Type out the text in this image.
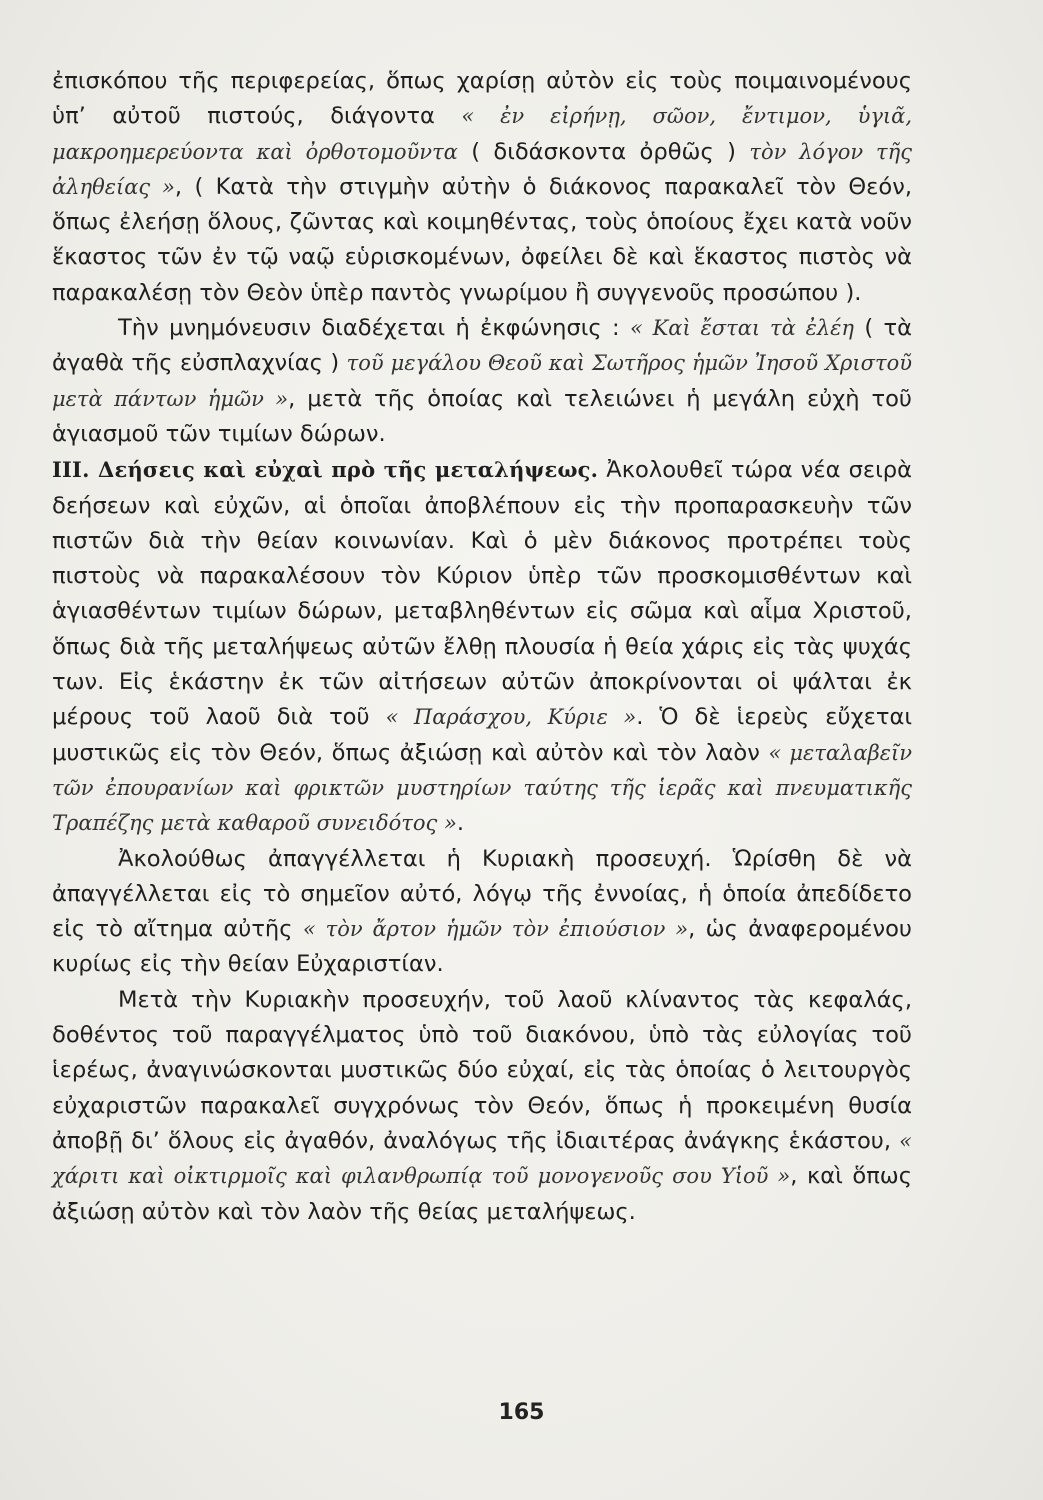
ἐπισκόπου τῆς περιφερείας, ὅπως χαρίσῃ αὐτὸν εἰς τοὺς ποιμαινομένους ὑπ’ αὐτοῦ πιστούς, διάγοντα « ἐν εἰρήνῃ, σῶον, ἔντιμον, ὑγιᾶ, μακροημερεύοντα καὶ ὀρθοτομοῦντα ( διδάσκοντα ὀρθῶς ) τὸν λόγον τῆς ἀληθείας », ( Κατὰ τὴν στιγμὴν αὐτὴν ὁ διάκονος παρακαλεῖ τὸν Θεόν, ὅπως ἐλεήσῃ ὅλους, ζῶντας καὶ κοιμηθέντας, τοὺς ὁποίους ἔχει κατὰ νοῦν ἕκαστος τῶν ἐν τῷ ναῷ εὑρισκομένων, ὀφείλει δὲ καὶ ἕκαστος πιστὸς νὰ παρακαλέσῃ τὸν Θεὸν ὑπὲρ παντὸς γνωρίμου ἢ συγγενοῦς προσώπου ).

Τὴν μνημόνευσιν διαδέχεται ἡ ἐκφώνησις : « Καὶ ἔσται τὰ ἐλέη ( τὰ ἀγαθὰ τῆς εὐσπλαχνίας ) τοῦ μεγάλου Θεοῦ καὶ Σωτῆρος ἡμῶν Ἰησοῦ Χριστοῦ μετὰ πάντων ἡμῶν », μετὰ τῆς ὁποίας καὶ τελειώνει ἡ μεγάλη εὐχὴ τοῦ ἁγιασμοῦ τῶν τιμίων δώρων.

ΙΙΙ. Δεήσεις καὶ εὐχαὶ πρὸ τῆς μεταλήψεως. Ἀκολουθεῖ τώρα νέα σειρὰ δεήσεων καὶ εὐχῶν, αἱ ὁποῖαι ἀποβλέπουν εἰς τὴν προπαρασκευὴν τῶν πιστῶν διὰ τὴν θείαν κοινωνίαν. Καὶ ὁ μὲν διάκονος προτρέπει τοὺς πιστοὺς νὰ παρακαλέσουν τὸν Κύριον ὑπὲρ τῶν προσκομισθέντων καὶ ἁγιασθέντων τιμίων δώρων, μεταβληθέντων εἰς σῶμα καὶ αἷμα Χριστοῦ, ὅπως διὰ τῆς μεταλήψεως αὐτῶν ἔλθῃ πλουσία ἡ θεία χάρις εἰς τὰς ψυχάς των. Εἰς ἑκάστην ἐκ τῶν αἰτήσεων αὐτῶν ἀποκρίνονται οἱ ψάλται ἐκ μέρους τοῦ λαοῦ διὰ τοῦ « Παράσχου, Κύριε ». Ὁ δὲ ἱερεὺς εὔχεται μυστικῶς εἰς τὸν Θεόν, ὅπως ἀξιώσῃ καὶ αὐτὸν καὶ τὸν λαὸν « μεταλαβεῖν τῶν ἐπουρανίων καὶ φρικτῶν μυστηρίων ταύτης τῆς ἱερᾶς καὶ πνευματικῆς Τραπέζης μετὰ καθαροῦ συνειδότος ».

Ἀκολούθως ἀπαγγέλλεται ἡ Κυριακὴ προσευχή. Ὡρίσθη δὲ νὰ ἀπαγγέλλεται εἰς τὸ σημεῖον αὐτό, λόγῳ τῆς ἐννοίας, ἡ ὁποία ἀπεδίδετο εἰς τὸ αἴτημα αὐτῆς « τὸν ἄρτον ἡμῶν τὸν ἐπιούσιον », ὡς ἀναφερομένου κυρίως εἰς τὴν θείαν Εὐχαριστίαν.

Μετὰ τὴν Κυριακὴν προσευχήν, τοῦ λαοῦ κλίναντος τὰς κεφαλάς, δοθέντος τοῦ παραγγέλματος ὑπὸ τοῦ διακόνου, ὑπὸ τὰς εὐλογίας τοῦ ἱερέως, ἀναγινώσκονται μυστικῶς δύο εὐχαί, εἰς τὰς ὁποίας ὁ λειτουργὸς εὐχαριστῶν παρακαλεῖ συγχρόνως τὸν Θεόν, ὅπως ἡ προκειμένη θυσία ἀποβῇ δι’ ὅλους εἰς ἀγαθόν, ἀναλόγως τῆς ἰδιαιτέρας ἀνάγκης ἑκάστου, « χάριτι καὶ οἰκτιρμοῖς καὶ φιλανθρωπίᾳ τοῦ μονογενοῦς σου Υἱοῦ », καὶ ὅπως ἀξιώσῃ αὐτὸν καὶ τὸν λαὸν τῆς θείας μεταλήψεως.

165
